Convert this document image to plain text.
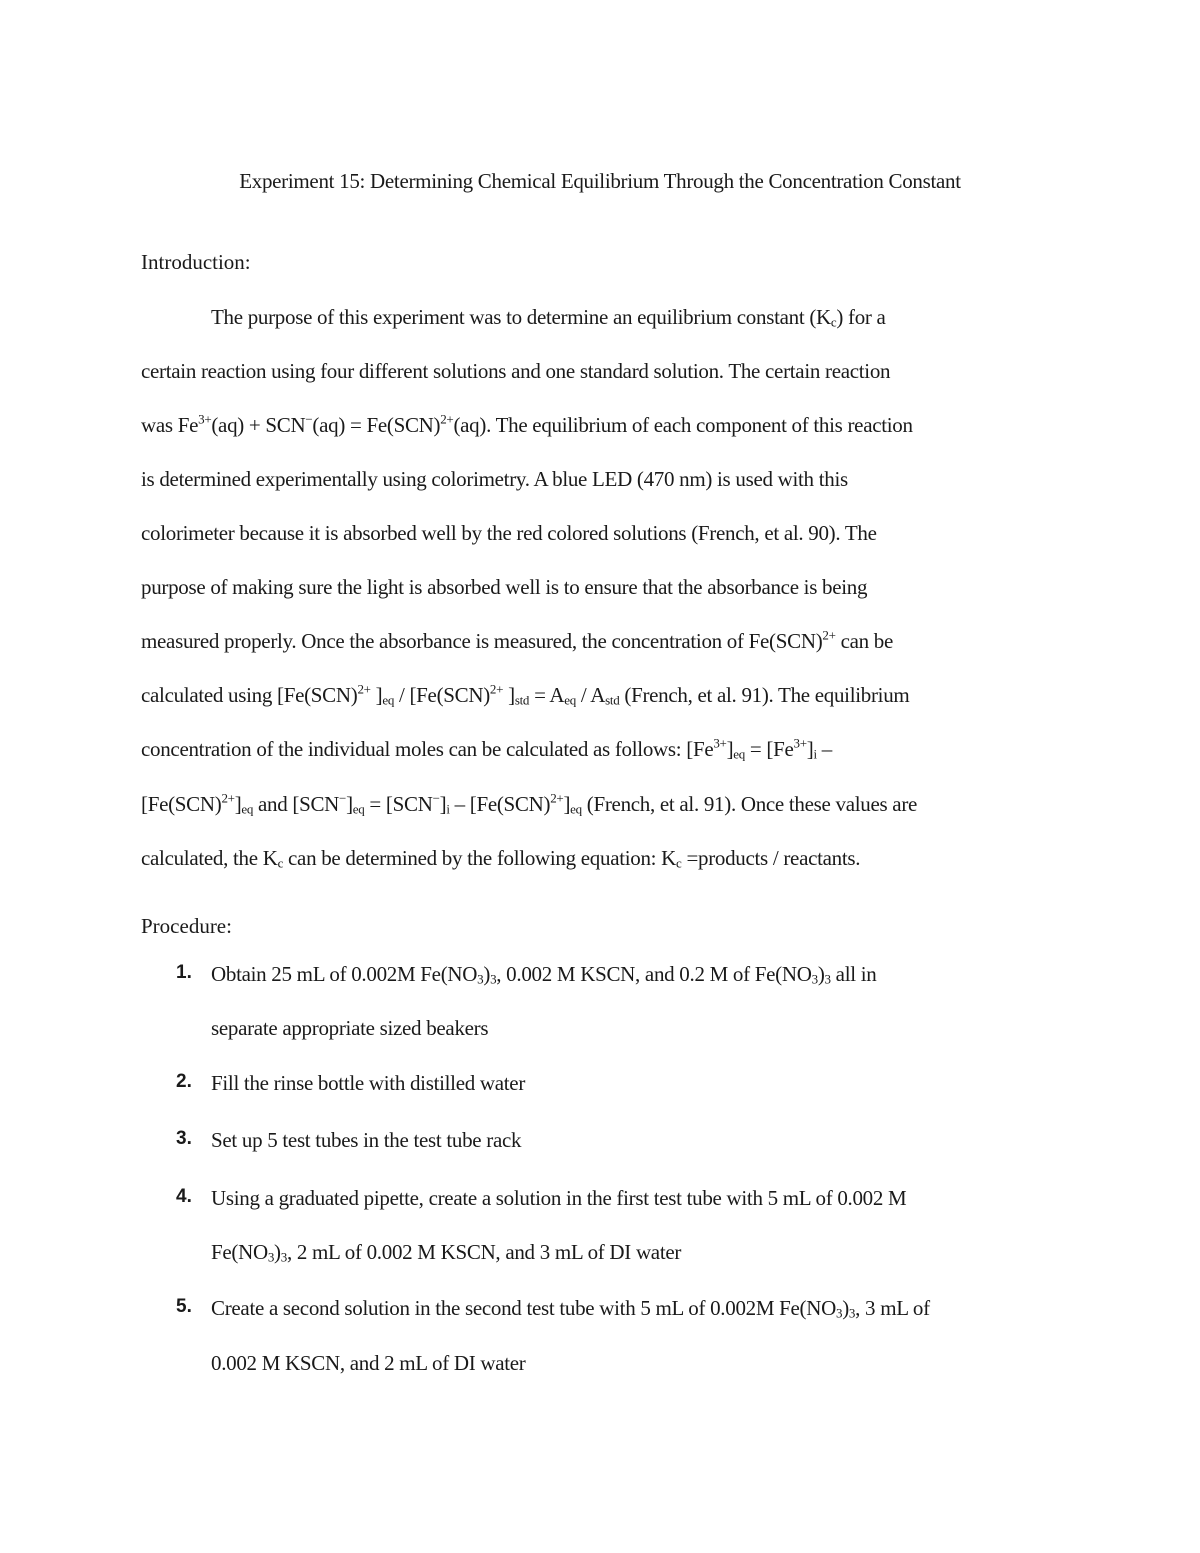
Experiment 15: Determining Chemical Equilibrium Through the Concentration Constant
Introduction:
The purpose of this experiment was to determine an equilibrium constant $(K_c)$ for a
certain reaction using four different solutions and one standard solution. The certain reaction
was $Fe^{3+}(aq) + SCN^-(aq) = Fe(SCN)^{2+}(aq)$. The equilibrium of each component of this reaction
is determined experimentally using colorimetry. A blue LED (470 nm) is used with this
colorimeter because it is absorbed well by the red colored solutions (French, et al. 90). The
purpose of making sure the light is absorbed well is to ensure that the absorbance is being
measured properly. Once the absorbance is measured, the concentration of Fe(SCN)$^{2+}$ can be
calculated using [Fe(SCN)$^{2+}$ ]$_{eq} / [Fe(SCN)^{2+}$ ]$_{std} = A_{eq} / A_{std}$ (French, et al. 91). The equilibrium
concentration of the individual moles can be calculated as follows: $[Fe^{3+}]_{eq} = [Fe^{3+}]_i$ –
$[Fe(SCN)^{2+}]_{eq}$ and $[SCN^-]_{eq} = [SCN^-]_i - [Fe(SCN)^{2+}]_{eq}$ (French, et al. 91). Once these values are
calculated, the $K_c$ can be determined by the following equation: $K_c$ =products / reactants.
Procedure:
1. Obtain 25 mL of 0.002M $Fe(NO_3)_3$, 0.002 M KSCN, and 0.2 M of $Fe(NO_3)_3$ all in
separate appropriate sized beakers
2. Fill the rinse bottle with distilled water
3. Set up 5 test tubes in the test tube rack
4. Using a graduated pipette, create a solution in the first test tube with 5 mL of 0.002 M
$Fe(NO_3)_3$, 2 mL of 0.002 M KSCN, and 3 mL of DI water
5. Create a second solution in the second test tube with 5 mL of 0.002M $Fe(NO_3)_3$, 3 mL of
0.002 M KSCN, and 2 mL of DI water
